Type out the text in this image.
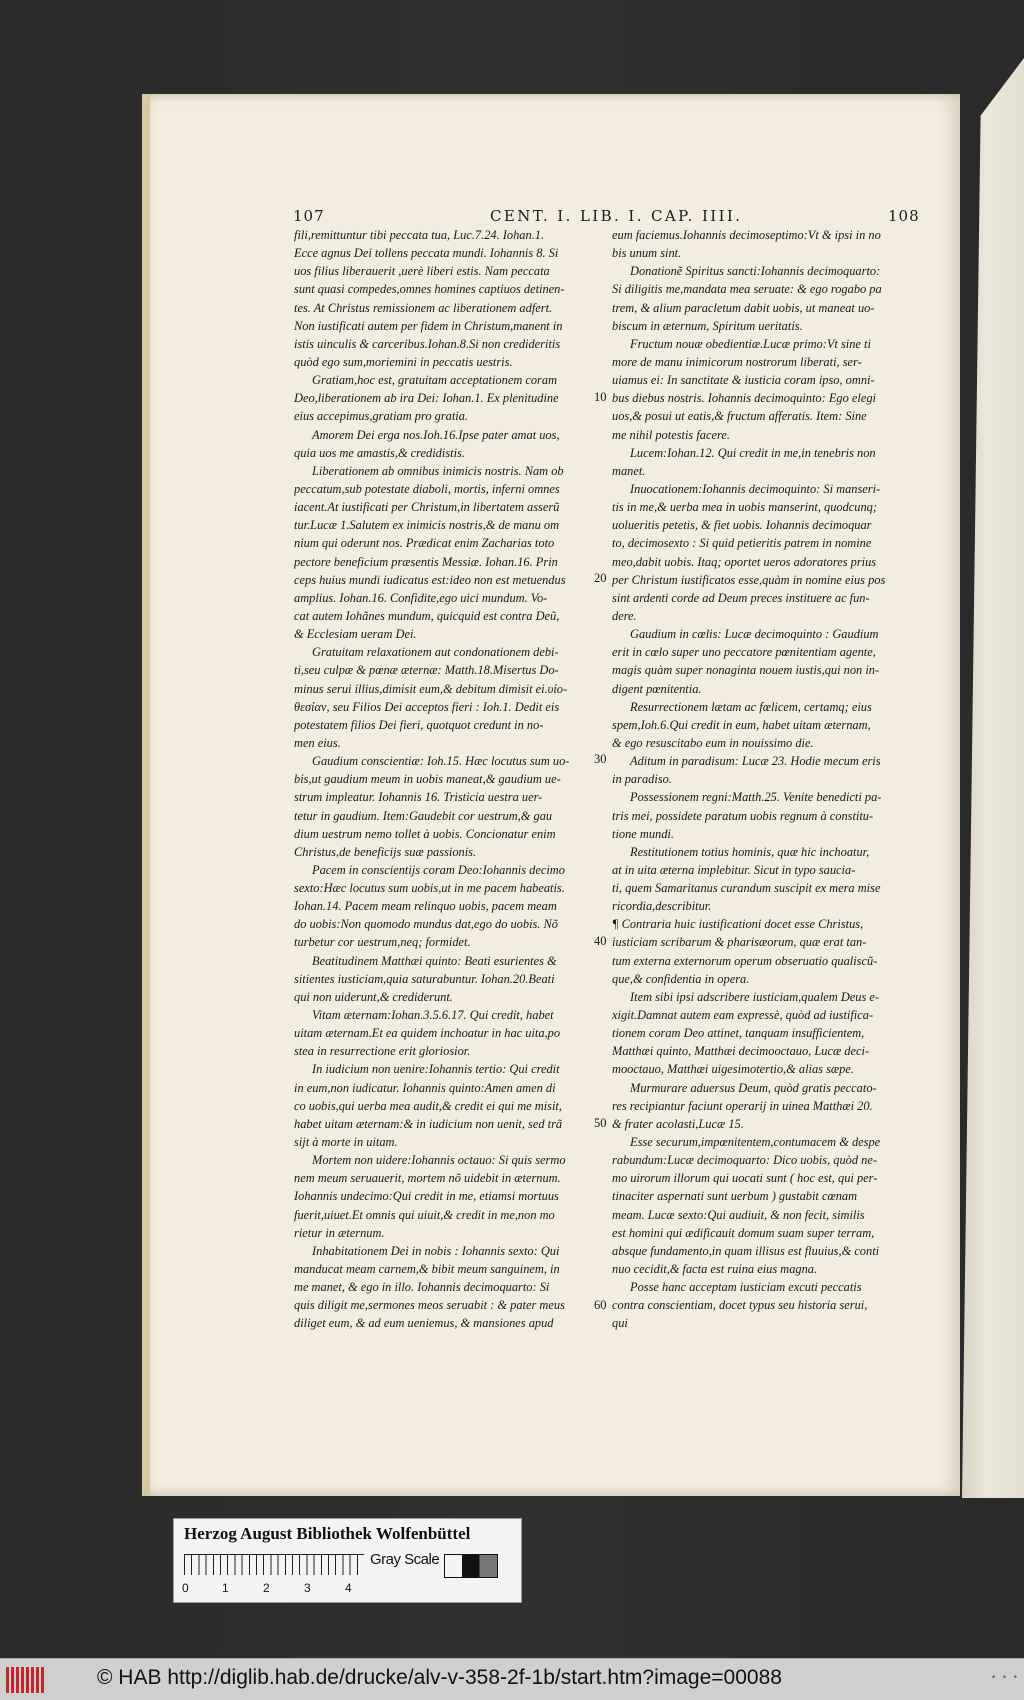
107	CENT. I. LIB. I. CAP. IIII.	108
fili,remittuntur tibi peccata tua, Luc.7.24. Iohan.1.
Ecce agnus Dei tollens peccata mundi. Iohannis 8. Si
uos filius liberauerit ,uerè liberi estis. Nam peccata
sunt quasi compedes,omnes homines captiuos detinen-
tes. At Christus remissionem ac liberationem adfert.
Non iustificati autem per fidem in Christum,manent in
istis uinculis & carceribus.Iohan.8.Si non credideritis
quòd ego sum,moriemini in peccatis uestris.
Gratiam,hoc est, gratuitam acceptationem coram
Deo,liberationem ab ira Dei: Iohan.1. Ex plenitudine
eius accepimus,gratiam pro gratia.
Amorem Dei erga nos.Ioh.16.Ipse pater amat uos,
quia uos me amastis,& credidistis.
Liberationem ab omnibus inimicis nostris. Nam ob
peccatum,sub potestate diaboli, mortis, inferni omnes
iacent.At iustificati per Christum,in libertatem asserũ
tur.Lucæ 1.Salutem ex inimicis nostris,& de manu om
nium qui oderunt nos. Prædicat enim Zacharias toto
pectore beneficium præsentis Messiæ. Iohan.16. Prin
ceps huius mundi iudicatus est:ideo non est metuendus
amplius. Iohan.16. Confidite,ego uici mundum. Vo-
cat autem Iohãnes mundum, quicquid est contra Deũ,
& Ecclesiam ueram Dei.
Gratuitam relaxationem aut condonationem debi-
ti,seu culpæ & pœnæ æternæ: Matth.18.Misertus Do-
minus serui illius,dimisit eum,& debitum dimisit ei.υἱο-
θεσίαν, seu Filios Dei acceptos fieri : Ioh.1. Dedit eis
potestatem filios Dei fieri, quotquot credunt in no-
men eius.
Gaudium conscientiæ: Ioh.15. Hæc locutus sum uo-
bis,ut gaudium meum in uobis maneat,& gaudium ue-
strum impleatur. Iohannis 16. Tristicia uestra uer-
tetur in gaudium. Item:Gaudebit cor uestrum,& gau
dium uestrum nemo tollet à uobis. Concionatur enim
Christus,de beneficijs suæ passionis.
Pacem in conscientijs coram Deo:Iohannis decimo
sexto:Hæc locutus sum uobis,ut in me pacem habeatis.
Iohan.14. Pacem meam relinquo uobis, pacem meam
do uobis:Non quomodo mundus dat,ego do uobis. Nõ
turbetur cor uestrum,neq; formidet.
Beatitudinem Matthæi quinto: Beati esurientes &
sitientes iusticiam,quia saturabuntur. Iohan.20.Beati
qui non uiderunt,& crediderunt.
Vitam æternam:Iohan.3.5.6.17. Qui credit, habet
uitam æternam.Et ea quidem inchoatur in hac uita,po
stea in resurrectione erit gloriosior.
In iudicium non uenire:Iohannis tertio: Qui credit
in eum,non iudicatur. Iohannis quinto:Amen amen di
co uobis,qui uerba mea audit,& credit ei qui me misit,
habet uitam æternam:& in iudicium non uenit, sed trã
sijt à morte in uitam.
Mortem non uidere:Iohannis octauo: Si quis sermo
nem meum seruauerit, mortem nõ uidebit in æternum.
Iohannis undecimo:Qui credit in me, etiamsi mortuus
fuerit,uiuet.Et omnis qui uiuit,& credit in me,non mo
rietur in æternum.
Inhabitationem Dei in nobis : Iohannis sexto: Qui
manducat meam carnem,& bibit meum sanguinem, in
me manet, & ego in illo. Iohannis decimoquarto: Si
quis diligit me,sermones meos seruabit : & pater meus
diliget eum, & ad eum ueniemus, & mansiones apud
eum faciemus.Iohannis decimoseptimo:Vt & ipsi in no
bis unum sint.
Donationẽ Spiritus sancti:Iohannis decimoquarto:
Si diligitis me,mandata mea seruate: & ego rogabo pa
trem, & alium paracletum dabit uobis, ut maneat uo-
biscum in æternum, Spiritum ueritatis.
Fructum nouæ obedientiæ.Lucæ primo:Vt sine ti
more de manu inimicorum nostrorum liberati, ser-
uiamus ei: In sanctitate & iusticia coram ipso, omni-
bus diebus nostris. Iohannis decimoquinto: Ego elegi
uos,& posui ut eatis,& fructum afferatis. Item: Sine
me nihil potestis facere.
Lucem:Iohan.12. Qui credit in me,in tenebris non
manet.
Inuocationem:Iohannis decimoquinto: Si manseri-
tis in me,& uerba mea in uobis manserint, quodcunq;
uolueritis petetis, & fiet uobis. Iohannis decimoquar
to, decimosexto : Si quid petieritis patrem in nomine
meo,dabit uobis. Itaq; oportet ueros adoratores prius
per Christum iustificatos esse,quàm in nomine eius pos
sint ardenti corde ad Deum preces instituere ac fun-
dere.
Gaudium in cœlis: Lucæ decimoquinto : Gaudium
erit in cœlo super uno peccatore pœnitentiam agente,
magis quàm super nonaginta nouem iustis,qui non in-
digent pœnitentia.
Resurrectionem lætam ac fœlicem, certamq; eius
spem,Ioh.6.Qui credit in eum, habet uitam æternam,
& ego resuscitabo eum in nouissimo die.
Aditum in paradisum: Lucæ 23. Hodie mecum eris
in paradiso.
Possessionem regni:Matth.25. Venite benedicti pa-
tris mei, possidete paratum uobis regnum à constitu-
tione mundi.
Restitutionem totius hominis, quæ hic inchoatur,
at in uita æterna implebitur. Sicut in typo saucia-
ti, quem Samaritanus curandum suscipit ex mera mise
ricordia,describitur.
¶ Contraria huic iustificationi docet esse Christus,
iusticiam scribarum & pharisæorum, quæ erat tan-
tum externa externorum operum obseruatio qualiscũ-
que,& confidentia in opera.
Item sibi ipsi adscribere iusticiam,qualem Deus e-
xigit.Damnat autem eam expressè, quòd ad iustifica-
tionem coram Deo attinet, tanquam insufficientem,
Matthæi quinto, Matthæi decimooctauo, Lucæ deci-
mooctauo, Matthæi uigesimotertio,& alias sæpe.
Murmurare aduersus Deum, quòd gratis peccato-
res recipiantur faciunt operarij in uinea Matthæi 20.
& frater acolasti,Lucæ 15.
Esse securum,impœnitentem,contumacem & despe
rabundum:Lucæ decimoquarto: Dico uobis, quòd ne-
mo uirorum illorum qui uocati sunt ( hoc est, qui per-
tinaciter aspernati sunt uerbum ) gustabit cœnam
meam. Lucæ sexto:Qui audiuit, & non fecit, similis
est homini qui ædificauit domum suam super terram,
absque fundamento,in quam illisus est fluuius,& conti
nuo cecidit,& facta est ruina eius magna.
Posse hanc acceptam iusticiam excuti peccatis
contra conscientiam, docet typus seu historia serui,
qui
10
20
30
40
50
60
Herzog August Bibliothek Wolfenbüttel
0	1	2	3	4
Gray Scale
© HAB http://diglib.hab.de/drucke/alv-v-358-2f-1b/start.htm?image=00088	• • •
